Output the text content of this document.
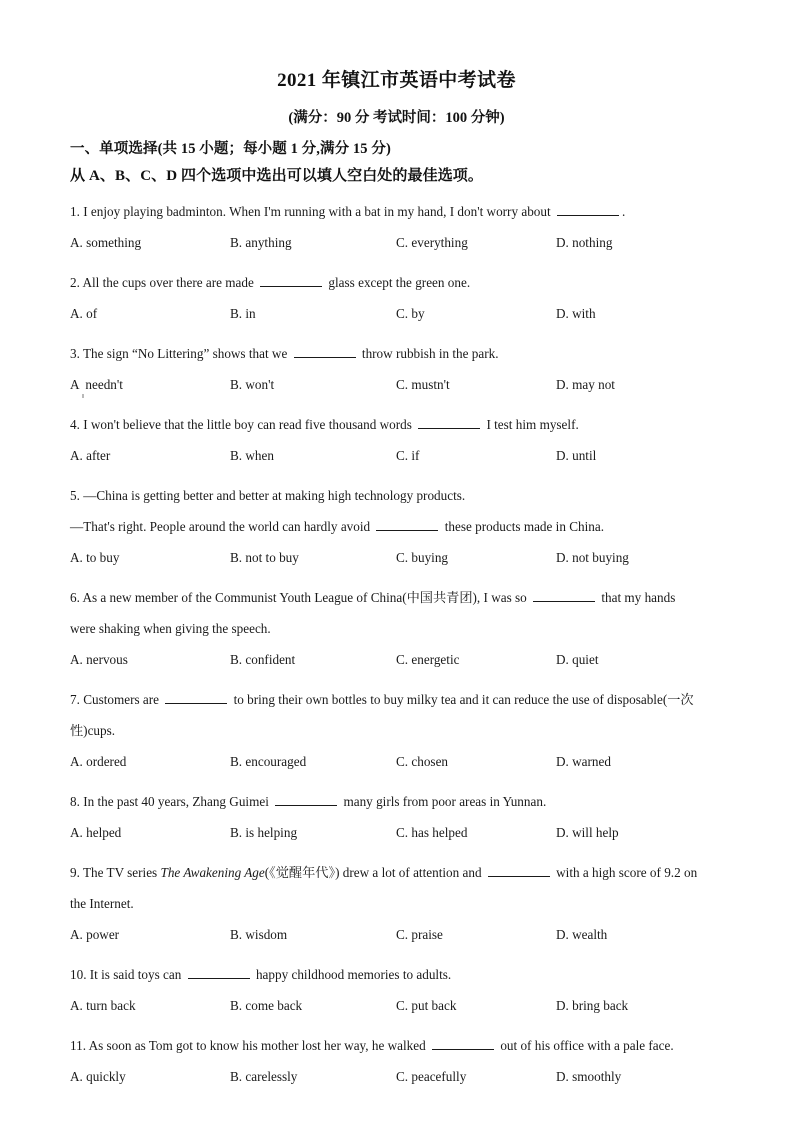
2021 年镇江市英语中考试卷
(满分：90 分 考试时间：100 分钟)
一、单项选择(共 15 小题；每小题 1 分,满分 15 分)
从 A、B、C、D 四个选项中选出可以填人空白处的最佳选项。
1. I enjoy playing badminton. When I'm running with a bat in my hand, I don't worry about	.
A. something	B. anything	C. everything	D. nothing
2. All the cups over there are made	glass except the green one.
A. of	B. in	C. by	D. with
3. The sign “No Littering” shows that we	throw rubbish in the park.
A  needn't	B. won't	C. mustn't	D. may not
4. I won't believe that the little boy can read five thousand words	I test him myself.
A. after	B. when	C. if	D. until
5. —China is getting better and better at making high technology products.
—That's right. People around the world can hardly avoid	these products made in China.
A. to buy	B. not to buy	C. buying	D. not buying
6. As a new member of the Communist Youth League of China(中国共青团), I was so	that my hands
were shaking when giving the speech.
A. nervous	B. confident	C. energetic	D. quiet
7. Customers are	to bring their own bottles to buy milky tea and it can reduce the use of disposable(一次
性)cups.
A. ordered	B. encouraged	C. chosen	D. warned
8. In the past 40 years, Zhang Guimei	many girls from poor areas in Yunnan.
A. helped	B. is helping	C. has helped	D. will help
9. The TV series The Awakening Age(《觉醒年代》) drew a lot of attention and	with a high score of 9.2 on
the Internet.
A. power	B. wisdom	C. praise	D. wealth
10. It is said toys can	happy childhood memories to adults.
A. turn back	B. come back	C. put back	D. bring back
11. As soon as Tom got to know his mother lost her way, he walked	out of his office with a pale face.
A. quickly	B. carelessly	C. peacefully	D. smoothly
